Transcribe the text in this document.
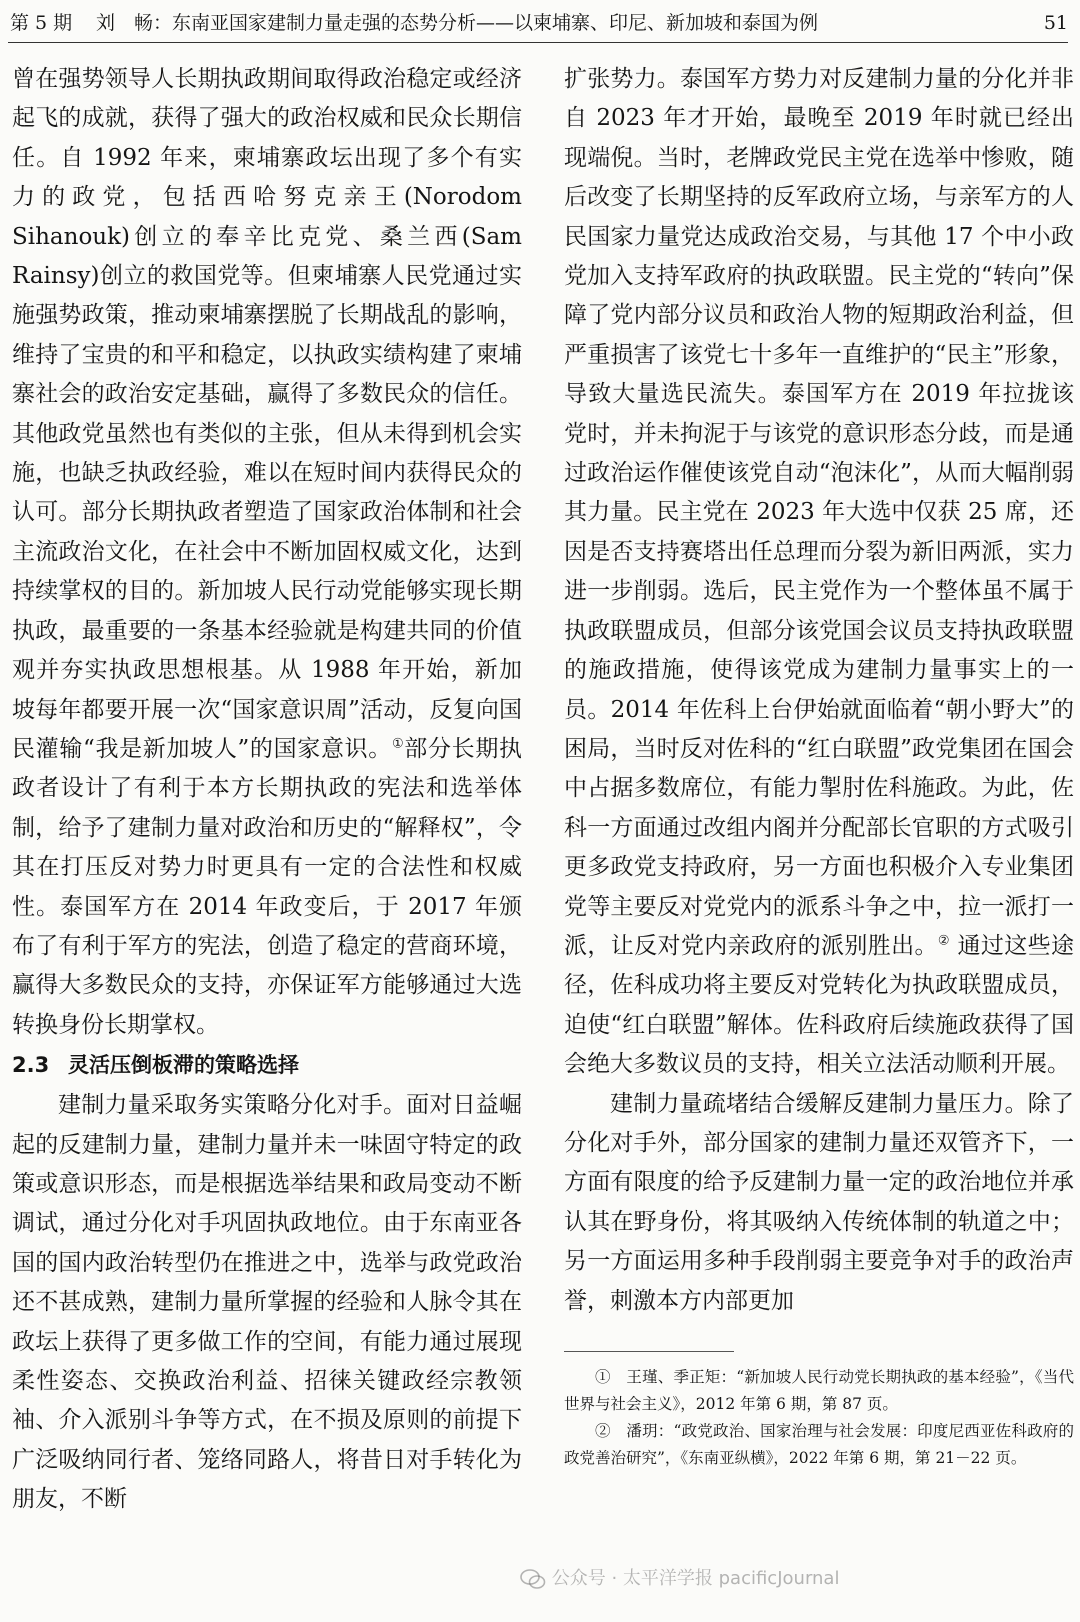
第 5 期 刘　畅：东南亚国家建制力量走强的态势分析——以柬埔寨、印尼、新加坡和泰国为例	51

曾在强势领导人长期执政期间取得政治稳定或经济起飞的成就，获得了强大的政治权威和民众长期信任。自 1992 年来，柬埔寨政坛出现了多个有实力的政党，包括西哈努克亲王(Norodom Sihanouk)创立的奉辛比克党、桑兰西(Sam Rainsy)创立的救国党等。但柬埔寨人民党通过实施强势政策，推动柬埔寨摆脱了长期战乱的影响，维持了宝贵的和平和稳定，以执政实绩构建了柬埔寨社会的政治安定基础，赢得了多数民众的信任。其他政党虽然也有类似的主张，但从未得到机会实施，也缺乏执政经验，难以在短时间内获得民众的认可。部分长期执政者塑造了国家政治体制和社会主流政治文化，在社会中不断加固权威文化，达到持续掌权的目的。新加坡人民行动党能够实现长期执政，最重要的一条基本经验就是构建共同的价值观并夯实执政思想根基。从 1988 年开始，新加坡每年都要开展一次“国家意识周”活动，反复向国民灌输“我是新加坡人”的国家意识。①部分长期执政者设计了有利于本方长期执政的宪法和选举体制，给予了建制力量对政治和历史的“解释权”，令其在打压反对势力时更具有一定的合法性和权威性。泰国军方在 2014 年政变后，于 2017 年颁布了有利于军方的宪法，创造了稳定的营商环境，赢得大多数民众的支持，亦保证军方能够通过大选转换身份长期掌权。

2.3 灵活压倒板滞的策略选择

建制力量采取务实策略分化对手。面对日益崛起的反建制力量，建制力量并未一味固守特定的政策或意识形态，而是根据选举结果和政局变动不断调试，通过分化对手巩固执政地位。由于东南亚各国的国内政治转型仍在推进之中，选举与政党政治还不甚成熟，建制力量所掌握的经验和人脉令其在政坛上获得了更多做工作的空间，有能力通过展现柔性姿态、交换政治利益、招徕关键政经宗教领袖、介入派别斗争等方式，在不损及原则的前提下广泛吸纳同行者、笼络同路人，将昔日对手转化为朋友，不断

扩张势力。泰国军方势力对反建制力量的分化并非自 2023 年才开始，最晚至 2019 年时就已经出现端倪。当时，老牌政党民主党在选举中惨败，随后改变了长期坚持的反军政府立场，与亲军方的人民国家力量党达成政治交易，与其他 17 个中小政党加入支持军政府的执政联盟。民主党的“转向”保障了党内部分议员和政治人物的短期政治利益，但严重损害了该党七十多年一直维护的“民主”形象，导致大量选民流失。泰国军方在 2019 年拉拢该党时，并未拘泥于与该党的意识形态分歧，而是通过政治运作催使该党自动“泡沫化”，从而大幅削弱其力量。民主党在 2023 年大选中仅获 25 席，还因是否支持赛塔出任总理而分裂为新旧两派，实力进一步削弱。选后，民主党作为一个整体虽不属于执政联盟成员，但部分该党国会议员支持执政联盟的施政措施，使得该党成为建制力量事实上的一员。2014 年佐科上台伊始就面临着“朝小野大”的困局，当时反对佐科的“红白联盟”政党集团在国会中占据多数席位，有能力掣肘佐科施政。为此，佐科一方面通过改组内阁并分配部长官职的方式吸引更多政党支持政府，另一方面也积极介入专业集团党等主要反对党党内的派系斗争之中，拉一派打一派，让反对党内亲政府的派别胜出。② 通过这些途径，佐科成功将主要反对党转化为执政联盟成员，迫使“红白联盟”解体。佐科政府后续施政获得了国会绝大多数议员的支持，相关立法活动顺利开展。

建制力量疏堵结合缓解反建制力量压力。除了分化对手外，部分国家的建制力量还双管齐下，一方面有限度的给予反建制力量一定的政治地位并承认其在野身份，将其吸纳入传统体制的轨道之中；另一方面运用多种手段削弱主要竞争对手的政治声誉，刺激本方内部更加

①　王瑾、季正矩：“新加坡人民行动党长期执政的基本经验”，《当代世界与社会主义》，2012 年第 6 期，第 87 页。

②　潘玥：“政党政治、国家治理与社会发展：印度尼西亚佐科政府的政党善治研究”，《东南亚纵横》，2022 年第 6 期，第 21－22 页。

公众号 · 太平洋学报 pacificJournal
